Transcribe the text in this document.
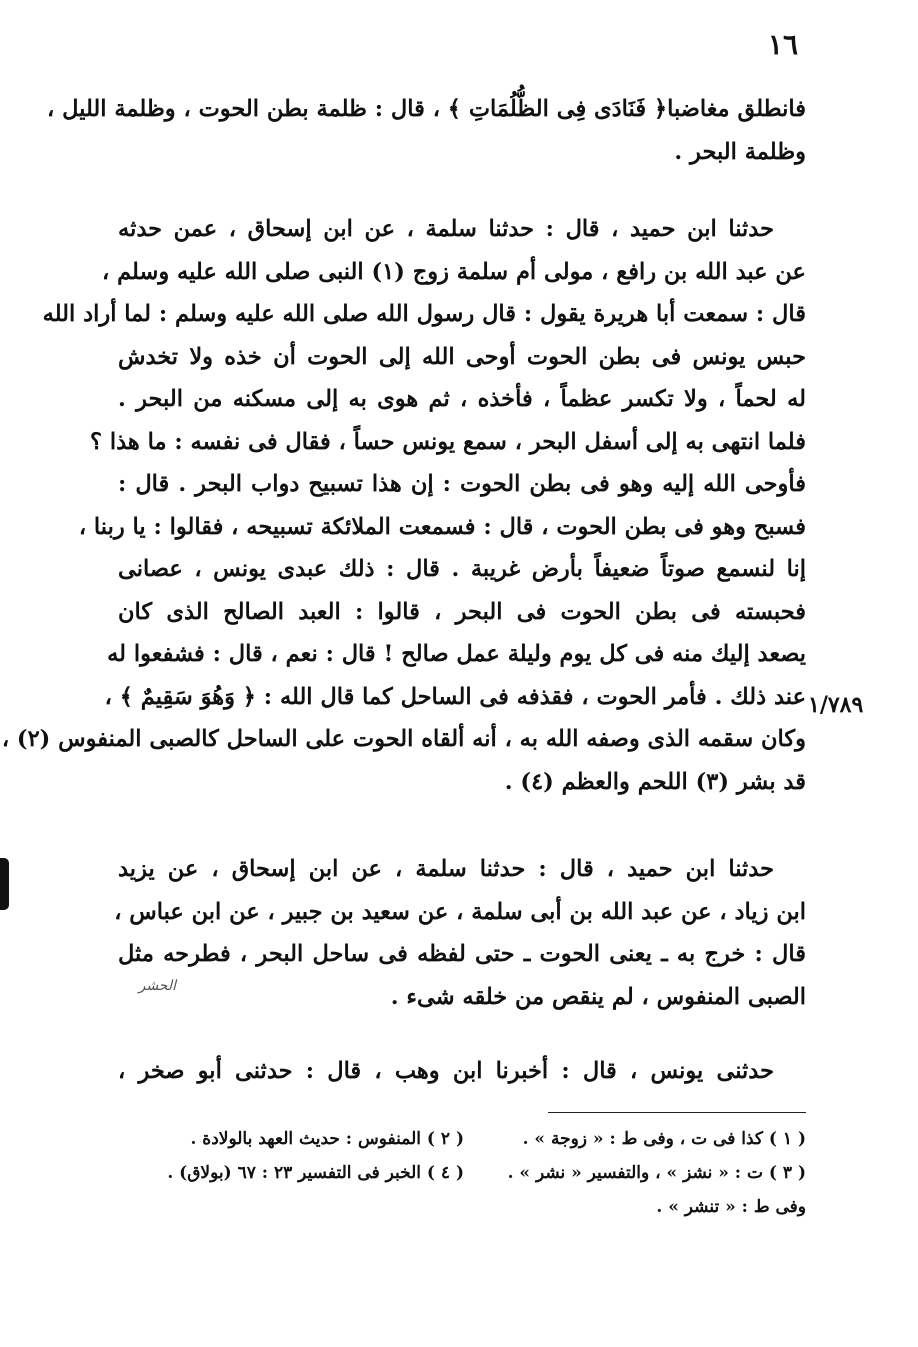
١٦
١/٧٨٩
فانطلق مغاضبا﴿ فَنَادَى فِى الظُّلُمَاتِ ﴾ ، قال : ظلمة بطن الحوت ، وظلمة الليل ،
وظلمة البحر .
حدثنا ابن حميد ، قال : حدثنا سلمة ، عن ابن إسحاق ، عمن حدثه
عن عبد الله بن رافع ، مولى أم سلمة زوج (١) النبى صلى الله عليه وسلم ،
قال : سمعت أبا هريرة يقول : قال رسول الله صلى الله عليه وسلم : لما أراد الله
حبس يونس فى بطن الحوت أوحى الله إلى الحوت أن خذه ولا تخدش
له لحماً ، ولا تكسر عظماً ، فأخذه ، ثم هوى به إلى مسكنه من البحر .
فلما انتهى به إلى أسفل البحر ، سمع يونس حساً ، فقال فى نفسه : ما هذا ؟
فأوحى الله إليه وهو فى بطن الحوت : إن هذا تسبيح دواب البحر . قال :
فسبح وهو فى بطن الحوت ، قال : فسمعت الملائكة تسبيحه ، فقالوا : يا ربنا ،
إنا لنسمع صوتاً ضعيفاً بأرض غريبة . قال : ذلك عبدى يونس ، عصانى
فحبسته فى بطن الحوت فى البحر ، قالوا : العبد الصالح الذى كان
يصعد إليك منه فى كل يوم وليلة عمل صالح ! قال : نعم ، قال : فشفعوا له
عند ذلك . فأمر الحوت ، فقذفه فى الساحل كما قال الله : ﴿ وَهُوَ سَقِيمٌ ﴾ ،
وكان سقمه الذى وصفه الله به ، أنه ألقاه الحوت على الساحل كالصبى المنفوس (٢) ،
قد بشر (٣) اللحم والعظم (٤) .
حدثنا ابن حميد ، قال : حدثنا سلمة ، عن ابن إسحاق ، عن يزيد
ابن زياد ، عن عبد الله بن أبى سلمة ، عن سعيد بن جبير ، عن ابن عباس ،
قال : خرج به ـ يعنى الحوت ـ حتى لفظه فى ساحل البحر ، فطرحه مثل
الصبى المنفوس ، لم ينقص من خلقه شىء .
الحشر
حدثنى يونس ، قال : أخبرنا ابن وهب ، قال : حدثنى أبو صخر ،
( ١ ) كذا فى ت ، وفى ط : « زوجة » .
( ٢ ) المنفوس : حديث العهد بالولادة .
( ٣ ) ت : « نشز » ، والتفسير « نشر » .
( ٤ ) الخبر فى التفسير ٢٣ : ٦٧ (بولاق) .
وفى ط : « تنشر » .
